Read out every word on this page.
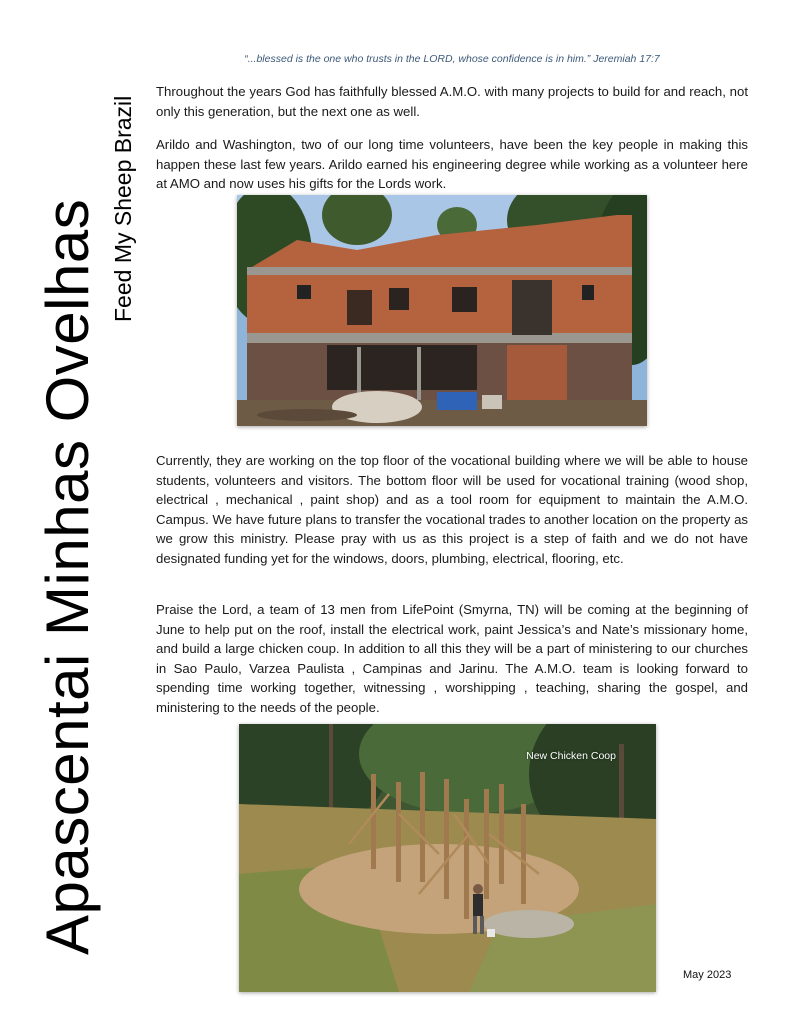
Apascentai Minhas Ovelhas Feed My Sheep Brazil
“...blessed is the one who trusts in the LORD, whose confidence is in him.” Jeremiah 17:7

Throughout the years God has faithfully blessed A.M.O. with many projects to build for and reach, not only this generation, but the next one as well.

Arildo and Washington, two of our long time volunteers, have been the key people in making this happen these last few years. Arildo earned his engineering degree while working as a volunteer here at AMO and now uses his gifts for the Lords work.

Currently, they are working on the top floor of the vocational building where we will be able to house students, volunteers and visitors. The bottom floor will be used for vocational training (wood shop, electrical , mechanical , paint shop) and as a tool room for equipment to maintain the A.M.O. Campus. We have future plans to transfer the vocational trades to another location on the property as we grow this ministry. Please pray with us as this project is a step of faith and we do not have designated funding yet for the windows, doors, plumbing, electrical, flooring, etc.

Praise the Lord, a team of 13 men from LifePoint (Smyrna, TN) will be coming at the beginning of June to help put on the roof, install the electrical work, paint Jessica’s and Nate’s missionary home, and build a large chicken coup. In addition to all this they will be a part of ministering to our churches in Sao Paulo, Varzea Paulista , Campinas and Jarinu. The A.M.O. team is looking forward to spending time working together, witnessing , worshipping , teaching, sharing the gospel, and ministering to the needs of the people.

New Chicken Coop
May 2023
